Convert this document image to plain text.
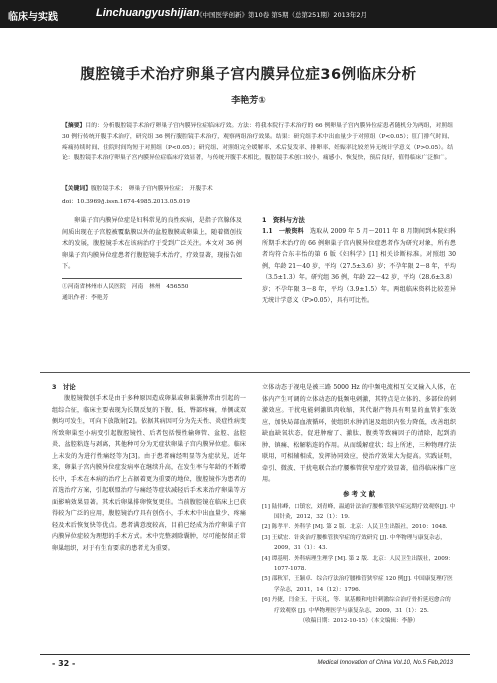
临床与实践	Linchuangyushijian
《中国医学创新》第10卷 第5期（总第251期）2013年2月
腹腔镜手术治疗卵巢子宫内膜异位症36例临床分析
李艳芳①
【摘要】目的：分析腹腔镜手术治疗卵巢子宫内膜异位症临床疗效。方法：将我本院行手术治疗的 66 例卵巢子宫内膜异位症患者随机分为两组，对照组 30 例行传统开腹手术治疗，研究组 36 例行腹腔镜手术治疗，观察两组治疗效果。结果：研究组手术中出血量少于对照组（P<0.05）；肛门排气时间、疼痛持续时间、住院时间均短于对照组（P<0.05）；研究组、对照组完全缓解率、术后复发率、排卵率、妊娠率比较差异无统计学意义（P>0.05）。结论：腹腔镜手术治疗卵巢子宫内膜异位症临床疗效显著，与传统开腹手术相比，腹腔镜手术创口较小，痛感小、恢复快，预后良好，值得临床广泛推广。
【关键词】腹腔镜手术；　卵巢子宫内膜异位症；　开腹手术
doi：10.3969/j.issn.1674-4985.2013.05.019
卵巢子宫内膜异位症是妇科常见的良性疾病，是指子宫腺体及间质出现在子宫腔被覆黏膜以外的盆腔腹膜或卵巢上，随着微创技术的发展，腹腔镜手术在该病治疗于受到广泛关注。本文对 36 例卵巢子宫内膜异位症患者行腹腔镜手术治疗，疗效显著，现报告如下。
①河南省林州市人民医院　河南　林州　456550
通讯作者：李艳芳
1　资料与方法
1.1　一般资料　 选取从 2009 年 5 月～2011 年 8 月期间到本院妇科所期手术治疗的 66 例卵巢子宫内膜异位症患者作为研究对象，所有患者均符合东丰怡的第 6 版《妇科学》[1] 相关诊断标准。对照组 30 例，年龄 21～40 岁，平均（27.5±3.6）岁；不孕年限 2～8 年，平均（3.5±1.3）年。研究组 36 例，年龄 22～42 岁，平均（28.6±3.8）岁；不孕年限 3～8 年，平均（3.9±1.5）年。两组临床资料比较差异无统计学意义（P>0.05），具有可比性。
3　讨论
腹腔镜微创手术是由于多种原因造成卵巢或卵巢囊肿常由引起的一组综合征，临床主要表现为长期反复的下腹、低、臀部疼痛，单侧或双侧均可发生，可向下放散射[2]。依据其病因可分为先天性、炎症性病变所致卵巢至小病变引起腹腔镜性、后者包括慢性输卵管、盆腔、盆腔炎、盆腔粘连与剥离，其他种可分为无症状卵巢子宫内膜异位症。临床上未发的为进行性痛经等为[3]。由于患者痛经明显等为症状见，近年来，卵巢子宫内膜异位症发病率在继续升高，在发生率与年龄的不断增长中，手术在本病的治疗上占据着更为重要的地位，腹腔镜作为患者的首选治疗方案，引起联盟治疗与痛经等症状减轻后手术来治疗卵巢等方面影响效果显著。其术后卵巢排卵恢复更佳。当前腹腔镜在临床上已获得较为广泛的应用，腹腔镜治疗具有创伤小，手术术中出血量少、疼痛轻及术后恢复快等优点。患者满意度较高，目前已经成为治疗卵巢子宫内膜异位症较为理想的手术方式。术中完整剥除囊肿，尽可能保留正常卵巢组织，对于有生育要求的患者尤为重要。
立体动态于视电是被三路 5000 Hz 的中频电流相互交叉输入人体，在体内产生可调的立体动态的低频电刺激，其特点是立体的、多部位的刺激效应。干扰电能刺激肌肉收缩，其代谢产物具有明显的血管扩张效应，加快局部血液循环，使组织水肿消退及组织内张力降低，改善组织缺血缺氧状态，促进肿瘤了、激肽、腹类等致痛因子的清除，起到消肿、镇痛、松解粘连的作用。从而缓解症状；综上所述，三种物理疗法联用，可相辅相成，发挥协同效应，使治疗效果大为提高。实践证明，牵引、微波、干扰电联合治疗腰椎管狭窄症疗效显著，值得临床推广应用。
参 考 文 献
[1] 陆伟峰，口镇宏，刘青峰，温通针法治疗腰椎管狭窄症远期疗效观察[J]. 中国针灸，2012，32（1）：19.
[2] 陈孝平．外科学 [M]. 第 2 版．北京：人民卫生出版社，2010：1048.
[3] 王斌宏．针灸治疗腰椎管狭窄症的疗效研究 [J]. 中华物理与康复杂志，2009，31（1）：43.
[4] 谭基明．外科病理生理学 [M]. 第 2 版．北京：人民卫生出版社，2009：1077-1078.
[5] 邵秋军，王颖卓．综合疗法治疗腰椎管狭窄症 120 例[J]. 中国康复理疗医学杂志，2011，14（12）：1796.
[6] 丹捷，闫金玉，于庆礼，等．氨基酸和电针刺激综合治疗骨折延迟愈合的疗效观察 [J]. 中华物理医学与康复杂志，2009，31（1）：25.
（收稿日期：2012-10-15）（本文编辑：李静）
- 32 -	Medical Innovation of China Vol.10, No.5 Feb,2013
